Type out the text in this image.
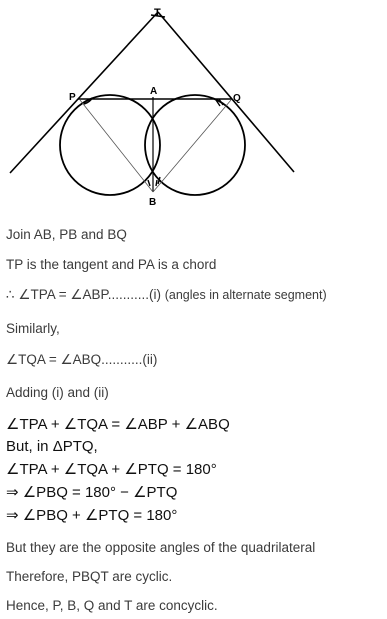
T
P
A
Q
B
Join AB, PB and BQ
TP is the tangent and PA is a chord
∴ ∠TPA = ∠ABP...........(i) (angles in alternate segment)
Similarly,
∠TQA = ∠ABQ...........(ii)
Adding (i) and (ii)
∠TPA + ∠TQA = ∠ABP + ∠ABQ
But, in ΔPTQ,
∠TPA + ∠TQA + ∠PTQ = 180°
⇒ ∠PBQ = 180° − ∠PTQ
⇒ ∠PBQ + ∠PTQ = 180°
But they are the opposite angles of the quadrilateral
Therefore, PBQT are cyclic.
Hence, P, B, Q and T are concyclic.
